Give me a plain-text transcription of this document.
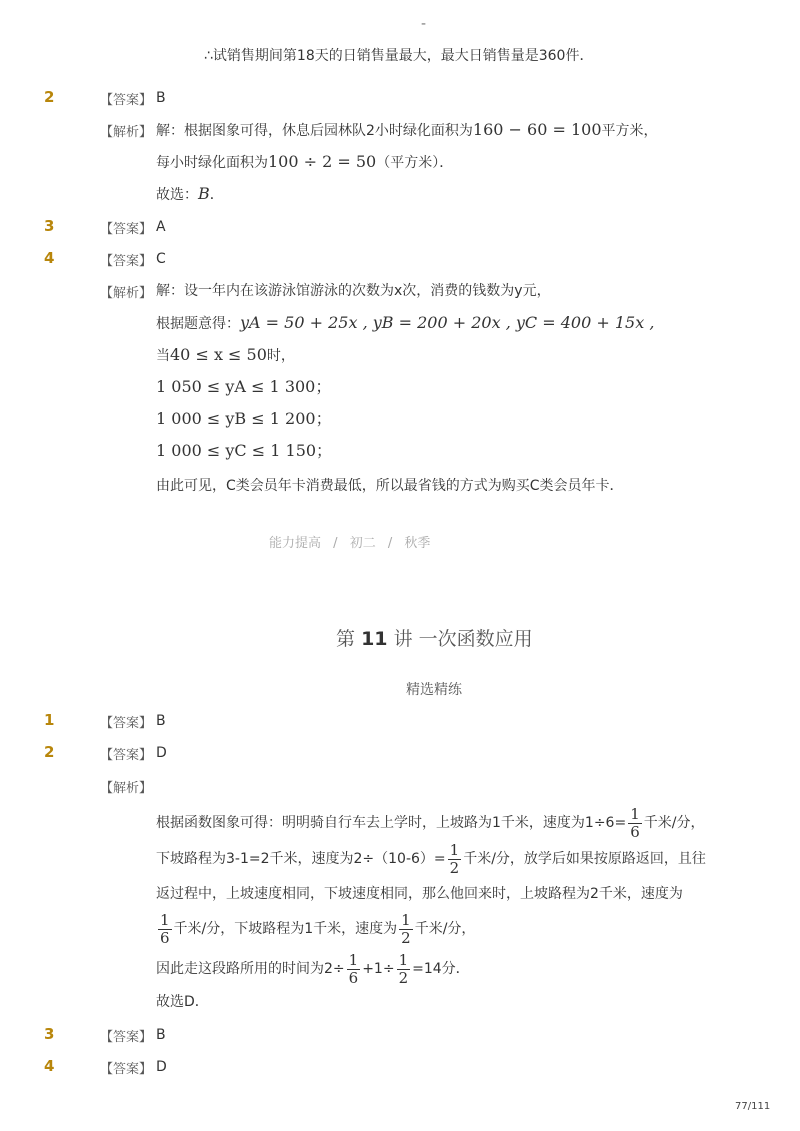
-
∴试销售期间第18天的日销售量最大，最大日销售量是360件．
2	【答案】 B
【解析】 解：根据图象可得，休息后园林队2小时绿化面积为160 − 60 = 100平方米，
每小时绿化面积为100 ÷ 2 = 50（平方米）．
故选：B．
3	【答案】 A
4	【答案】 C
【解析】 解：设一年内在该游泳馆游泳的次数为x次，消费的钱数为y元，
根据题意得：yA = 50 + 25x , yB = 200 + 20x , yC = 400 + 15x ,
当40 ≤ x ≤ 50时，
1 050 ≤ yA ≤ 1 300；
1 000 ≤ yB ≤ 1 200；
1 000 ≤ yC ≤ 1 150；
由此可见，C类会员年卡消费最低，所以最省钱的方式为购买C类会员年卡．
能力提高 / 初二 / 秋季
第 11 讲 一次函数应用
精选精练
1	【答案】 B
2	【答案】 D
【解析】
根据函数图象可得：明明骑自行车去上学时，上坡路为1千米，速度为$1\div 6= \frac{1}{6}$ 千米/分，
下坡路程为3-1=2千米，速度为$2\div(10-6)= \frac{1}{2}$ 千米/分，放学后如果按原路返回，且往
返过程中，上坡速度相同，下坡速度相同，那么他回来时，上坡路程为2千米，速度为
$\frac{1}{6}$ 千米/分，下坡路程为1千米，速度为 $\frac{1}{2}$ 千米/分，
因此走这段路所用的时间为$2\div \frac{1}{6} +1\div \frac{1}{2} =14$分．
故选D．
3	【答案】 B
4	【答案】 D
77/111
